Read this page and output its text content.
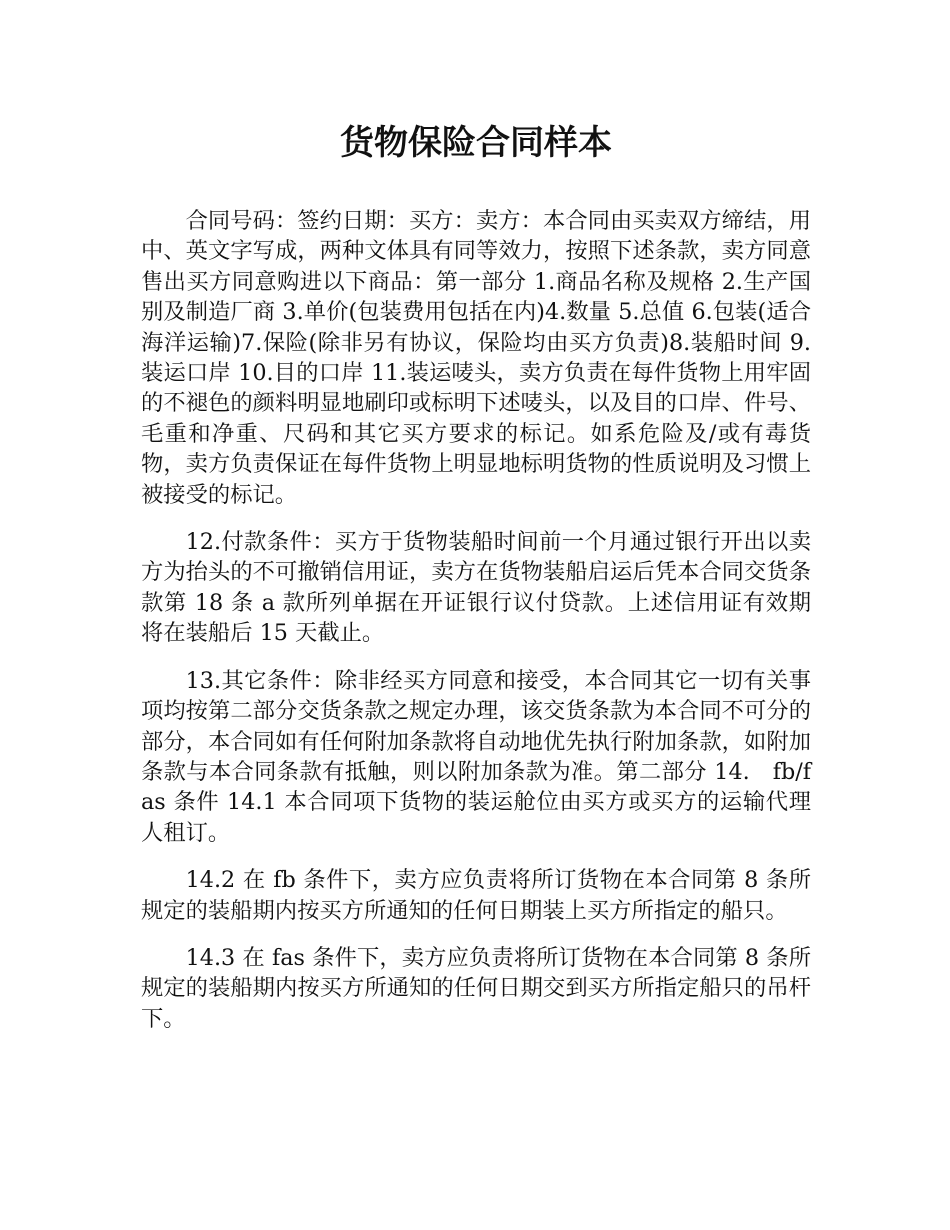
货物保险合同样本

合同号码：签约日期：买方：卖方：本合同由买卖双方缔结，用中、英文字写成，两种文体具有同等效力，按照下述条款，卖方同意售出买方同意购进以下商品：第一部分 1.商品名称及规格 2.生产国别及制造厂商 3.单价(包装费用包括在内)4.数量 5.总值 6.包装(适合海洋运输)7.保险(除非另有协议，保险均由买方负责)8.装船时间 9.装运口岸 10.目的口岸 11.装运唛头，卖方负责在每件货物上用牢固的不褪色的颜料明显地刷印或标明下述唛头，以及目的口岸、件号、毛重和净重、尺码和其它买方要求的标记。如系危险及/或有毒货物，卖方负责保证在每件货物上明显地标明货物的性质说明及习惯上被接受的标记。

12.付款条件：买方于货物装船时间前一个月通过银行开出以卖方为抬头的不可撤销信用证，卖方在货物装船启运后凭本合同交货条款第 18 条 a 款所列单据在开证银行议付贷款。上述信用证有效期将在装船后 15 天截止。

13.其它条件：除非经买方同意和接受，本合同其它一切有关事项均按第二部分交货条款之规定办理，该交货条款为本合同不可分的部分，本合同如有任何附加条款将自动地优先执行附加条款，如附加条款与本合同条款有抵触，则以附加条款为准。第二部分 14.　fb/fas 条件 14.1 本合同项下货物的装运舱位由买方或买方的运输代理人租订。

14.2 在 fb 条件下，卖方应负责将所订货物在本合同第 8 条所规定的装船期内按买方所通知的任何日期装上买方所指定的船只。

14.3 在 fas 条件下，卖方应负责将所订货物在本合同第 8 条所规定的装船期内按买方所通知的任何日期交到买方所指定船只的吊杆下。
